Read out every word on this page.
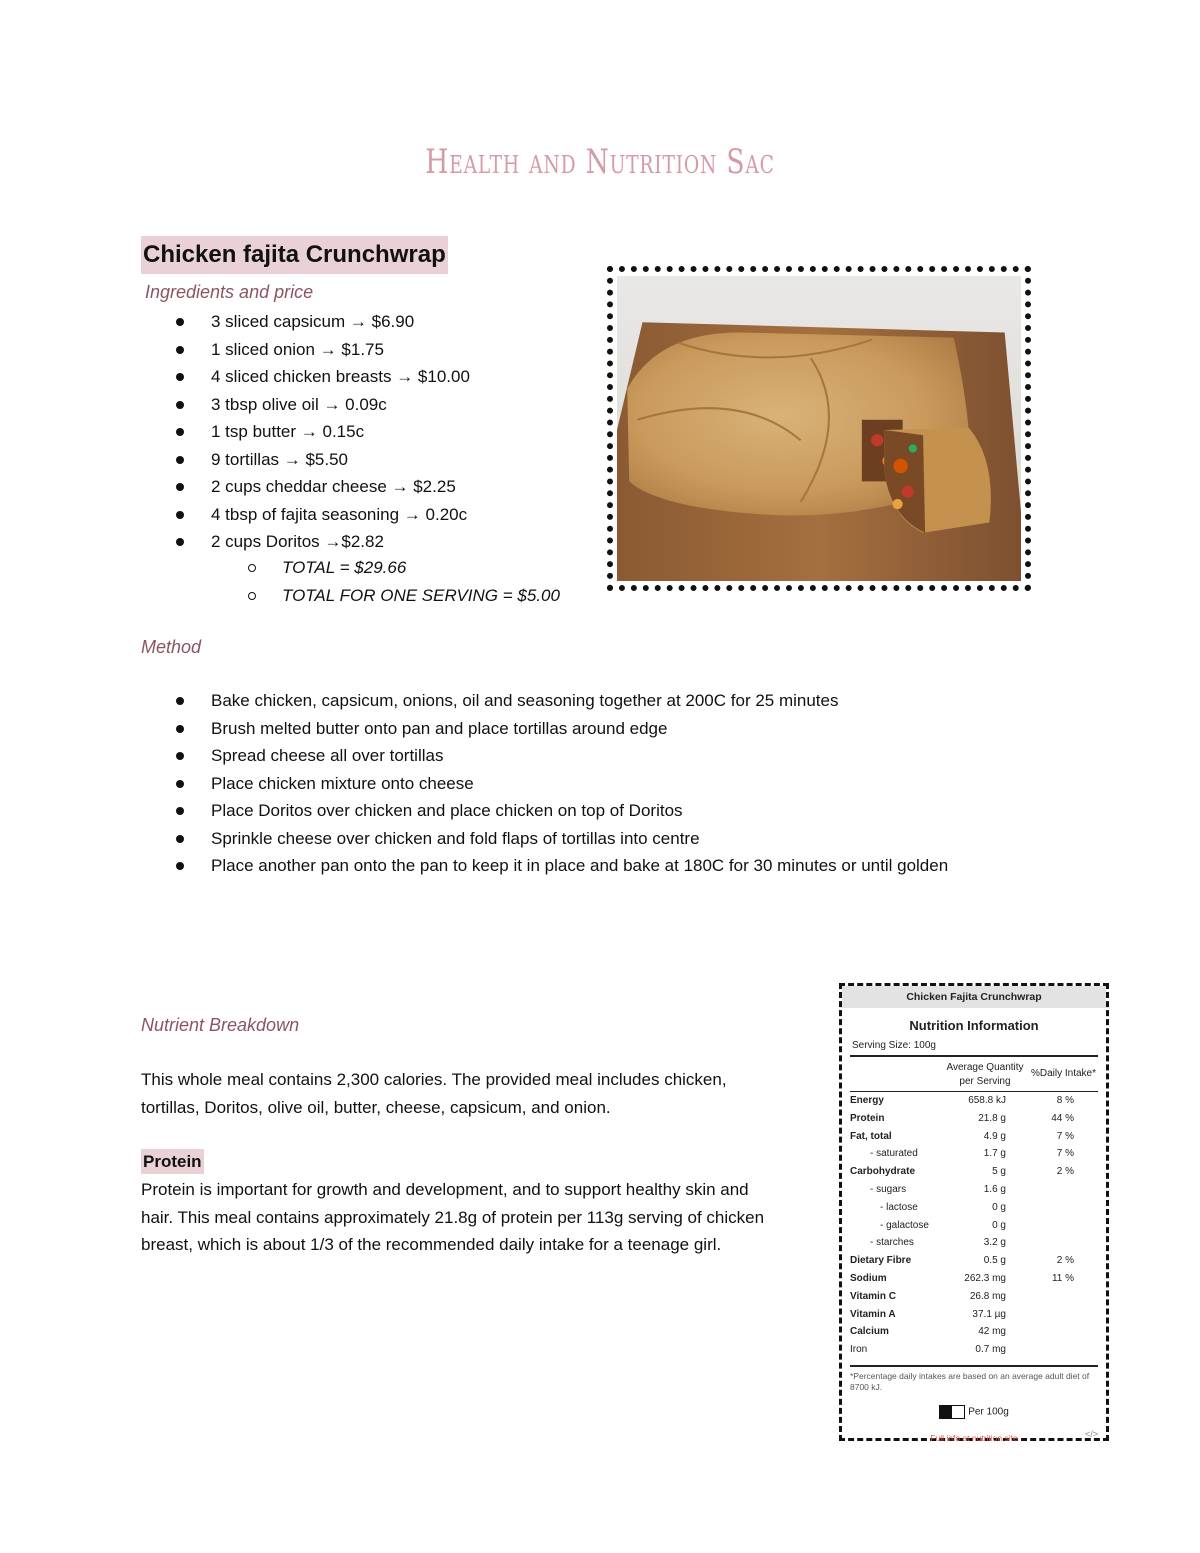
Health and Nutrition Sac
Chicken fajita Crunchwrap
Ingredients and price
3 sliced capsicum → $6.90
1 sliced onion → $1.75
4 sliced chicken breasts → $10.00
3 tbsp olive oil → 0.09c
1 tsp butter → 0.15c
9 tortillas → $5.50
2 cups cheddar cheese → $2.25
4 tbsp of fajita seasoning → 0.20c
2 cups Doritos →$2.82
TOTAL = $29.66
TOTAL FOR ONE SERVING = $5.00
Method
Bake chicken, capsicum, onions, oil and seasoning together at 200C for 25 minutes
Brush melted butter onto pan and place tortillas around edge
Spread cheese all over tortillas
Place chicken mixture onto cheese
Place Doritos over chicken and place chicken on top of Doritos
Sprinkle cheese over chicken and fold flaps of tortillas into centre
Place another pan onto the pan to keep it in place and bake at 180C for 30 minutes or until golden
Nutrient Breakdown
This whole meal contains 2,300 calories. The provided meal includes chicken,
tortillas, Doritos, olive oil, butter, cheese, capsicum, and onion.
Protein
Protein is important for growth and development, and to support healthy skin and
hair. This meal contains approximately 21.8g of protein per 113g serving of chicken
breast, which is about 1/3 of the recommended daily intake for a teenage girl.
Chicken Fajita Crunchwrap
Nutrition Information
Serving Size: 100g
Average Quantity
per Serving
%Daily Intake*
Energy	658.8 kJ	8 %
Protein	21.8 g	44 %
Fat, total	4.9 g	7 %
- saturated	1.7 g	7 %
Carbohydrate	5 g	2 %
- sugars	1.6 g
- lactose	0 g
- galactose	0 g
- starches	3.2 g
Dietary Fibre	0.5 g	2 %
Sodium	262.3 mg	11 %
Vitamin C	26.8 mg
Vitamin A	37.1 µg
Calcium	42 mg
Iron	0.7 mg
*Percentage daily intakes are based on an average adult diet of 8700 kJ.
Per 100g
Full info at nutrition site	</>
